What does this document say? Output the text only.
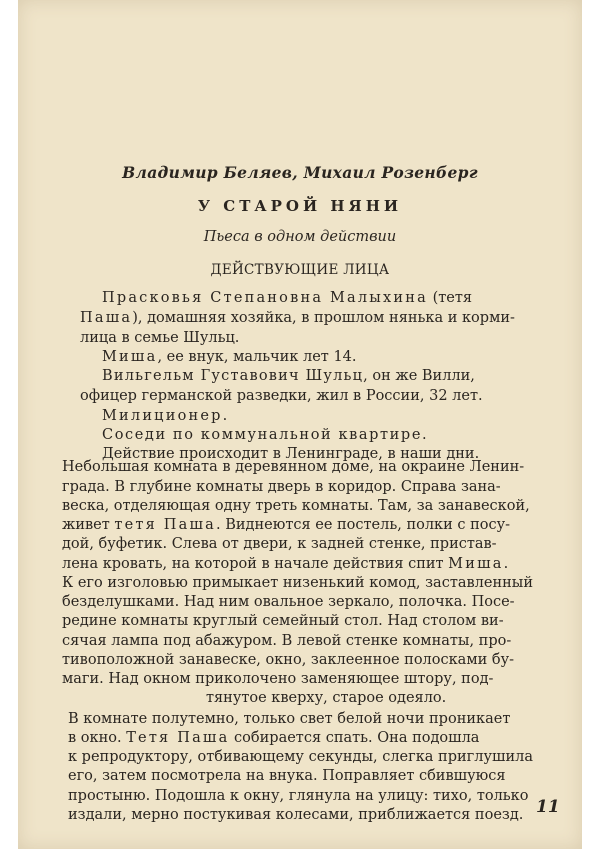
Владимир Беляев, Михаил Розенберг
У СТАРОЙ НЯНИ
Пьеса в одном действии
ДЕЙСТВУЮЩИЕ ЛИЦА
Прасковья Степановна Малыхина (тетя
Паша), домашняя хозяйка, в прошлом нянька и корми-
лица в семье Шульц.
Миша, ее внук, мальчик лет 14.
Вильгельм Густавович Шульц, он же Вилли,
офицер германской разведки, жил в России, 32 лет.
Милиционер.
Соседи по коммунальной квартире.
Действие происходит в Ленинграде, в наши дни.
Небольшая комната в деревянном доме, на окраине Ленин-
града. В глубине комнаты дверь в коридор. Справа зана-
веска, отделяющая одну треть комнаты. Там, за занавеской,
живет тетя Паша. Виднеются ее постель, полки с посу-
дой, буфетик. Слева от двери, к задней стенке, пристав-
лена кровать, на которой в начале действия спит Миша.
К его изголовью примыкает низенький комод, заставленный
безделушками. Над ним овальное зеркало, полочка. Посе-
редине комнаты круглый семейный стол. Над столом ви-
сячая лампа под абажуром. В левой стенке комнаты, про-
тивоположной занавеске, окно, заклеенное полосками бу-
маги. Над окном приколочено заменяющее штору, под-
тянутое кверху, старое одеяло.
В комнате полутемно, только свет белой ночи проникает
в окно. Тетя Паша собирается спать. Она подошла
к репродуктору, отбивающему секунды, слегка приглушила
его, затем посмотрела на внука. Поправляет сбившуюся
простыню. Подошла к окну, глянула на улицу: тихо, только
издали, мерно постукивая колесами, приближается поезд. 11
